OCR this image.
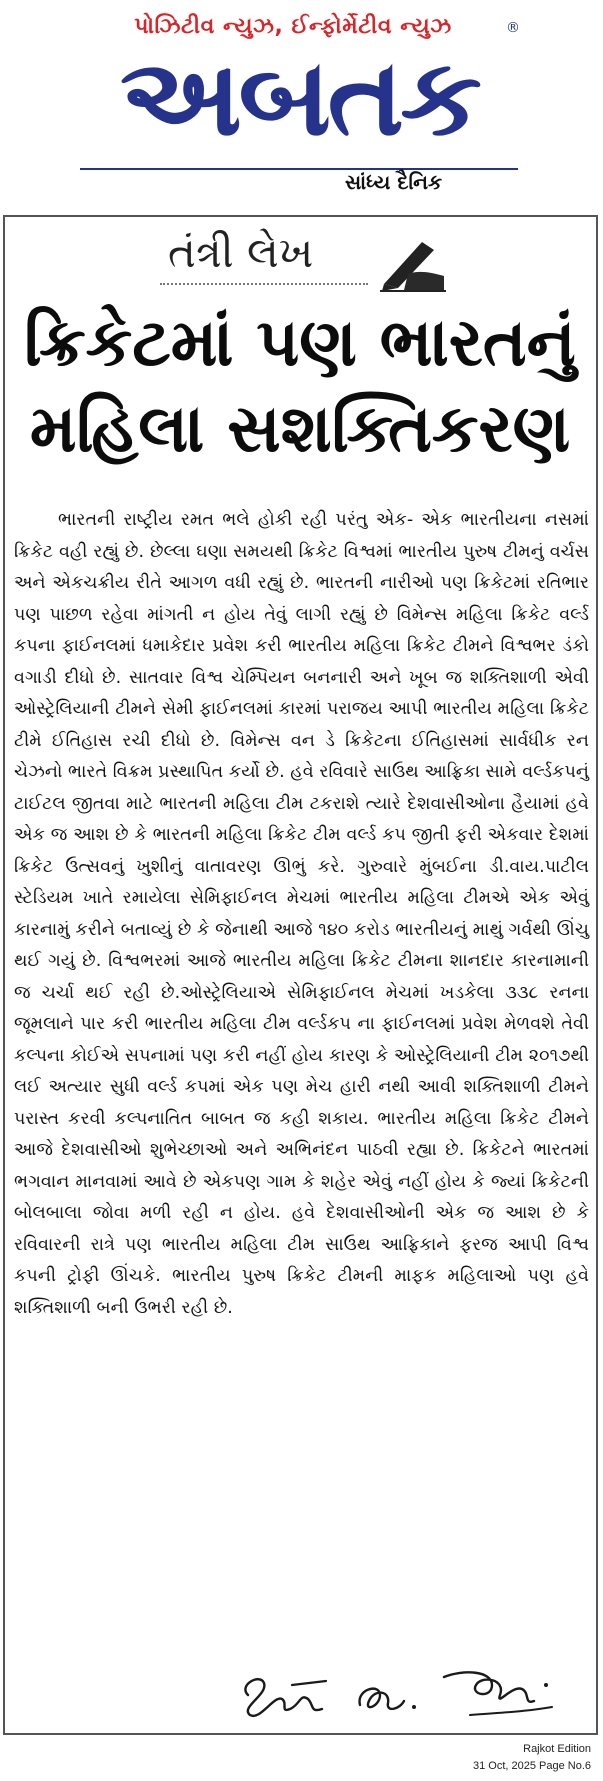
પોઝિટીવ ન્યુઝ, ઈન્ફોર્મેટીવ ન્યુઝ	®
અબતક
સાંધ્ય દૈનિક
તંત્રી લેખ
ક્રિકેટમાં પણ ભારતનું
મહિલા સશક્તિકરણ

ભારતની રાષ્ટ્રીય રમત ભલે હોકી રહી પરંતુ એક- એક ભારતીયના નસમાં ક્રિકેટ વહી રહ્યું છે. છેલ્લા ઘણા સમયથી ક્રિકેટ વિશ્વમાં ભારતીય પુરુષ ટીમનું વર્ચસ અને એકચક્રીય રીતે આગળ વધી રહ્યું છે. ભારતની નારીઓ પણ ક્રિકેટમાં રતિભાર પણ પાછળ રહેવા માંગતી ન હોય તેવું લાગી રહ્યું છે વિમેન્સ મહિલા ક્રિકેટ વર્લ્ડ કપના ફાઈનલમાં ધમાકેદાર પ્રવેશ કરી ભારતીય મહિલા ક્રિકેટ ટીમને વિશ્વભર ડંકો વગાડી દીધો છે. સાતવાર વિશ્વ ચેમ્પિયન બનનારી અને ખૂબ જ શક્તિશાળી એવી ઓસ્ટ્રેલિયાની ટીમને સેમી ફાઈનલમાં કારમાં પરાજય આપી ભારતીય મહિલા ક્રિકેટ ટીમે ઈતિહાસ રચી દીધો છે. વિમેન્સ વન ડે ક્રિકેટના ઈતિહાસમાં સાર્વધીક રન ચેઝનો ભારતે વિક્રમ પ્રસ્થાપિત કર્યો છે. હવે રવિવારે સાઉથ આફ્રિકા સામે વર્લ્ડકપનું ટાઈટલ જીતવા માટે ભારતની મહિલા ટીમ ટકરાશે ત્યારે દેશવાસીઓના હૈયામાં હવે એક જ આશ છે કે ભારતની મહિલા ક્રિકેટ ટીમ વર્લ્ડ કપ જીતી ફરી એકવાર દેશમાં ક્રિકેટ ઉત્સવનું ખુશીનું વાતાવરણ ઊભું કરે. ગુરુવારે મુંબઈના ડી.વાય.પાટીલ સ્ટેડિયમ ખાતે રમાયેલા સેમિફાઈનલ મેચમાં ભારતીય મહિલા ટીમએ એક એવું કારનામું કરીને બતાવ્યું છે કે જેનાથી આજે ૧૪૦ કરોડ ભારતીયનું માથું ગર્વથી ઊંચુ થઈ ગયું છે. વિશ્વભરમાં આજે ભારતીય મહિલા ક્રિકેટ ટીમના શાનદાર કારનામાની જ ચર્ચા થઈ રહી છે.ઓસ્ટ્રેલિયાએ સેમિફાઈનલ મેચમાં ખડકેલા ૩૩૮ રનના જૂમલાને પાર કરી ભારતીય મહિલા ટીમ વર્લ્ડકપ ના ફાઈનલમાં પ્રવેશ મેળવશે તેવી કલ્પના કોઈએ સપનામાં પણ કરી નહીં હોય કારણ કે ઓસ્ટ્રેલિયાની ટીમ ૨૦૧૭થી લઈ અત્યાર સુધી વર્લ્ડ કપમાં એક પણ મેચ હારી નથી આવી શક્તિશાળી ટીમને પરાસ્ત કરવી કલ્પનાતિત બાબત જ કહી શકાય. ભારતીય મહિલા ક્રિકેટ ટીમને આજે દેશવાસીઓ શુભેચ્છાઓ અને અભિનંદન પાઠવી રહ્યા છે. ક્રિકેટને ભારતમાં ભગવાન માનવામાં આવે છે એકપણ ગામ કે શહેર એવું નહીં હોય કે જ્યાં ક્રિકેટની બોલબાલા જોવા મળી રહી ન હોય. હવે દેશવાસીઓની એક જ આશ છે કે રવિવારની રાત્રે પણ ભારતીય મહિલા ટીમ સાઉથ આફ્રિકાને ફરજ આપી વિશ્વ કપની ટ્રોફી ઊંચકે. ભારતીય પુરુષ ક્રિકેટ ટીમની માફક મહિલાઓ પણ હવે શક્તિશાળી બની ઉભરી રહી છે.

Rajkot Edition
31 Oct, 2025 Page No.6
